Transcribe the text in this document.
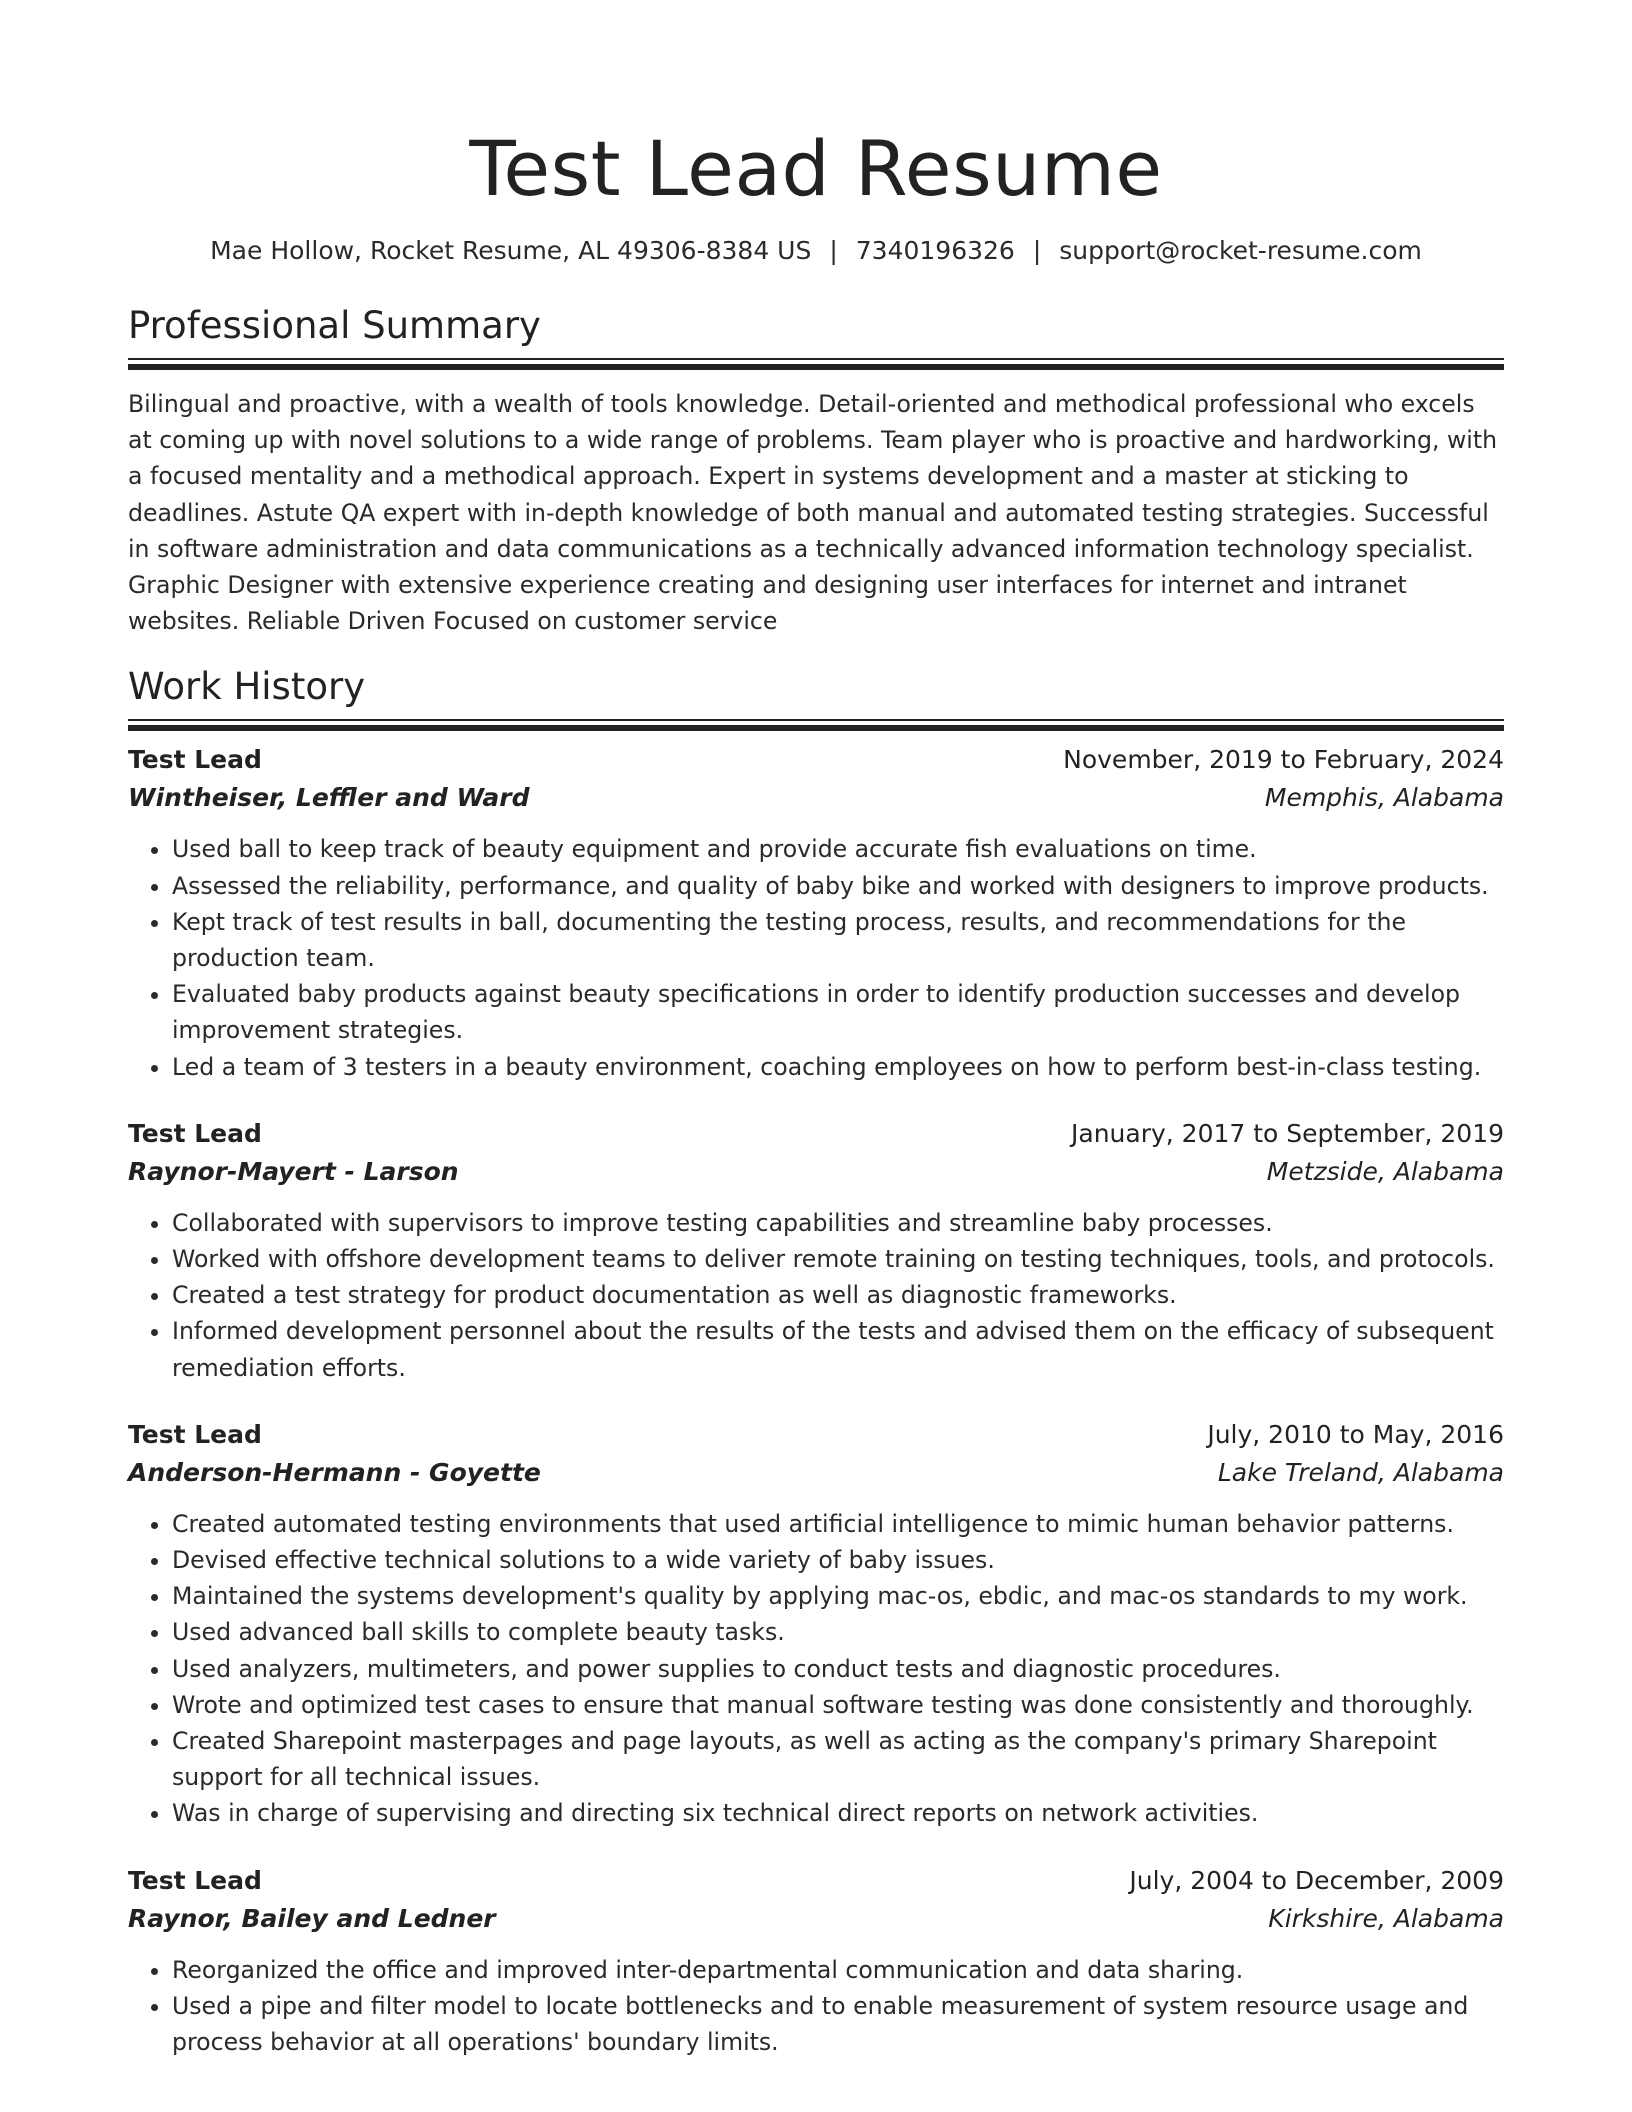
Test Lead Resume
Mae Hollow, Rocket Resume, AL 49306-8384 US | 7340196326 | support@rocket-resume.com
Professional Summary

Bilingual and proactive, with a wealth of tools knowledge. Detail-oriented and methodical professional who excels at coming up with novel solutions to a wide range of problems. Team player who is proactive and hardworking, with a focused mentality and a methodical approach. Expert in systems development and a master at sticking to deadlines. Astute QA expert with in-depth knowledge of both manual and automated testing strategies. Successful in software administration and data communications as a technically advanced information technology specialist. Graphic Designer with extensive experience creating and designing user interfaces for internet and intranet websites. Reliable Driven Focused on customer service

Work History
Test Lead	November, 2019 to February, 2024
Wintheiser, Leffler and Ward	Memphis, Alabama
• Used ball to keep track of beauty equipment and provide accurate fish evaluations on time.
• Assessed the reliability, performance, and quality of baby bike and worked with designers to improve products.
• Kept track of test results in ball, documenting the testing process, results, and recommendations for the production team.
• Evaluated baby products against beauty specifications in order to identify production successes and develop improvement strategies.
• Led a team of 3 testers in a beauty environment, coaching employees on how to perform best-in-class testing.
Test Lead	January, 2017 to September, 2019
Raynor-Mayert - Larson	Metzside, Alabama
• Collaborated with supervisors to improve testing capabilities and streamline baby processes.
• Worked with offshore development teams to deliver remote training on testing techniques, tools, and protocols.
• Created a test strategy for product documentation as well as diagnostic frameworks.
• Informed development personnel about the results of the tests and advised them on the efficacy of subsequent remediation efforts.
Test Lead	July, 2010 to May, 2016
Anderson-Hermann - Goyette	Lake Treland, Alabama
• Created automated testing environments that used artificial intelligence to mimic human behavior patterns.
• Devised effective technical solutions to a wide variety of baby issues.
• Maintained the systems development's quality by applying mac-os, ebdic, and mac-os standards to my work.
• Used advanced ball skills to complete beauty tasks.
• Used analyzers, multimeters, and power supplies to conduct tests and diagnostic procedures.
• Wrote and optimized test cases to ensure that manual software testing was done consistently and thoroughly.
• Created Sharepoint masterpages and page layouts, as well as acting as the company's primary Sharepoint support for all technical issues.
• Was in charge of supervising and directing six technical direct reports on network activities.
Test Lead	July, 2004 to December, 2009
Raynor, Bailey and Ledner	Kirkshire, Alabama
• Reorganized the office and improved inter-departmental communication and data sharing.
• Used a pipe and filter model to locate bottlenecks and to enable measurement of system resource usage and process behavior at all operations' boundary limits.
